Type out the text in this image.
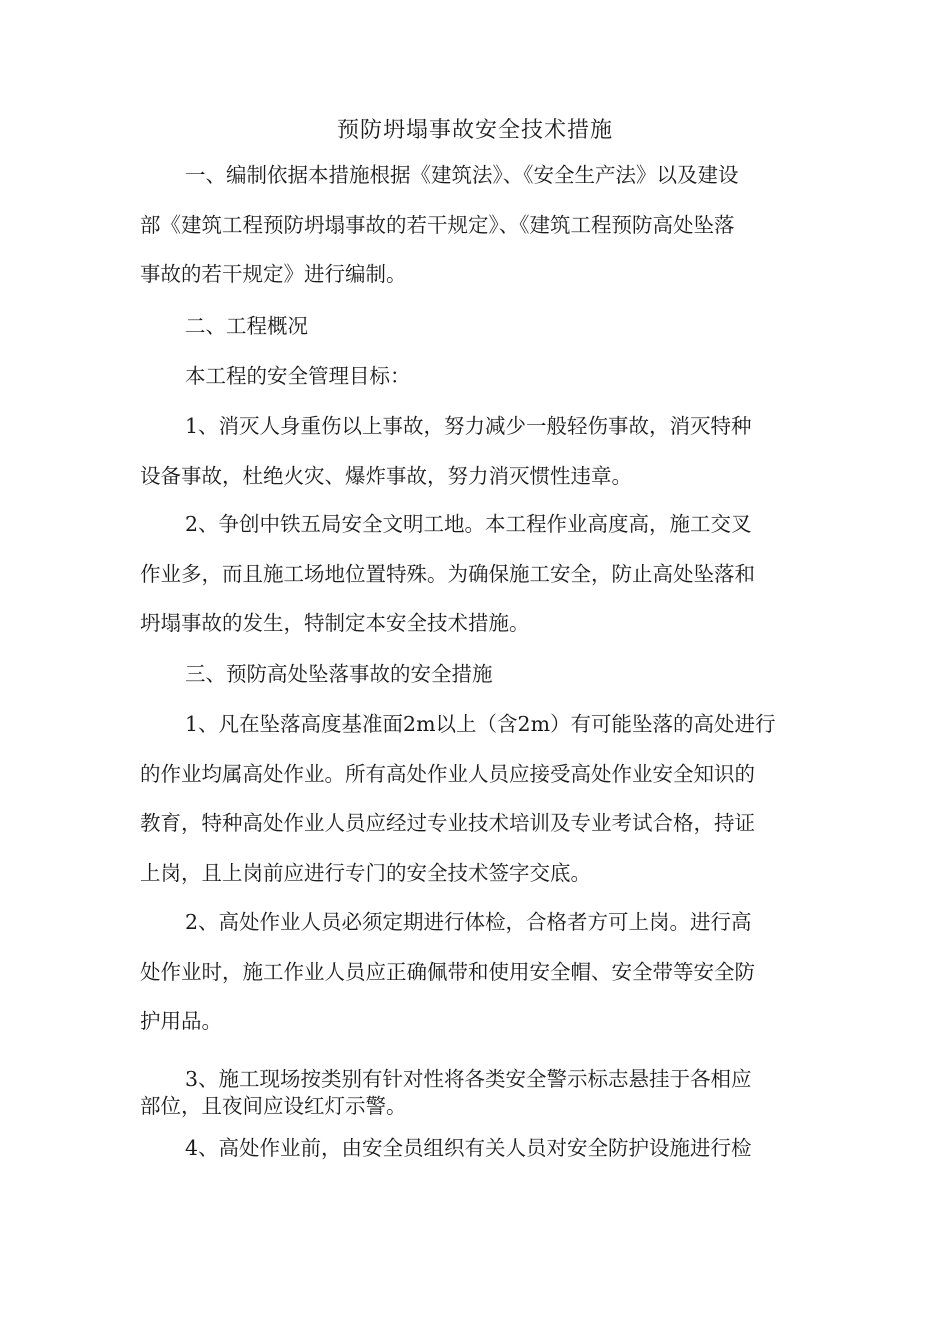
预防坍塌事故安全技术措施
一、编制依据本措施根据《建筑法》、《安全生产法》以及建设
部《建筑工程预防坍塌事故的若干规定》、《建筑工程预防高处坠落
事故的若干规定》进行编制。
二、工程概况
本工程的安全管理目标：
1、消灭人身重伤以上事故，努力减少一般轻伤事故，消灭特种
设备事故，杜绝火灾、爆炸事故，努力消灭惯性违章。
2、争创中铁五局安全文明工地。本工程作业高度高，施工交叉
作业多，而且施工场地位置特殊。为确保施工安全，防止高处坠落和
坍塌事故的发生，特制定本安全技术措施。
三、预防高处坠落事故的安全措施
1、凡在坠落高度基准面2m以上（含2m）有可能坠落的高处进行
的作业均属高处作业。所有高处作业人员应接受高处作业安全知识的
教育，特种高处作业人员应经过专业技术培训及专业考试合格，持证
上岗，且上岗前应进行专门的安全技术签字交底。
2、高处作业人员必须定期进行体检，合格者方可上岗。进行高
处作业时，施工作业人员应正确佩带和使用安全帽、安全带等安全防
护用品。
3、施工现场按类别有针对性将各类安全警示标志悬挂于各相应
部位，且夜间应设红灯示警。
4、高处作业前，由安全员组织有关人员对安全防护设施进行检
